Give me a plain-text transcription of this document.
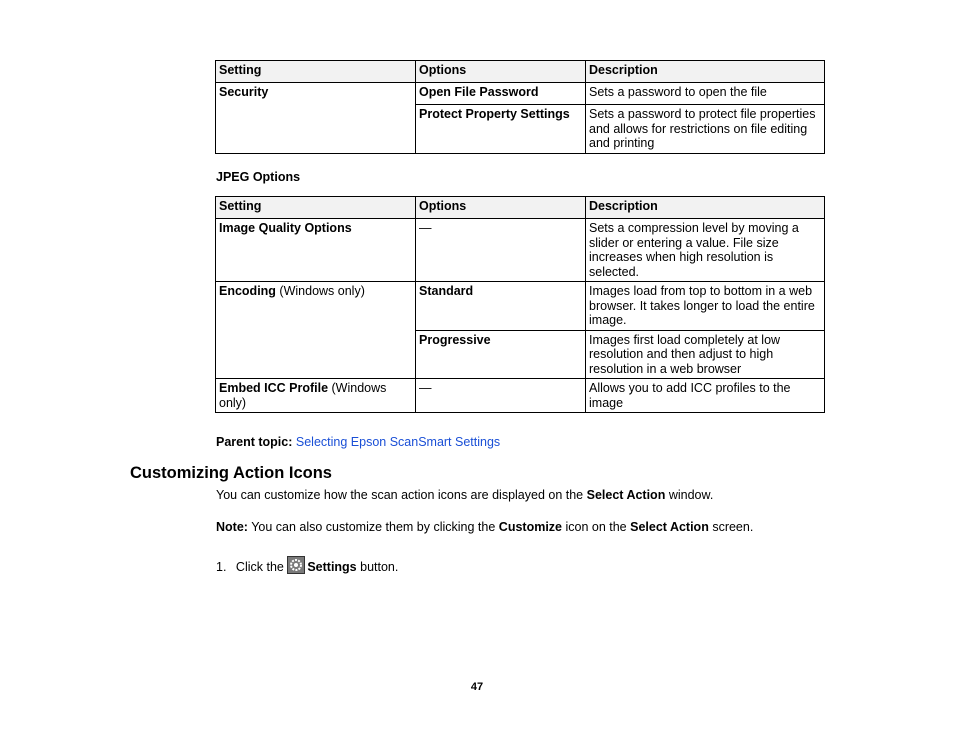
Setting	Options	Description
Security	Open File Password	Sets a password to open the file
	Protect Property Settings	Sets a password to protect file properties and allows for restrictions on file editing and printing
JPEG Options
Setting	Options	Description
Image Quality Options	—	Sets a compression level by moving a slider or entering a value. File size increases when high resolution is selected.
Encoding (Windows only)	Standard	Images load from top to bottom in a web browser. It takes longer to load the entire image.
	Progressive	Images first load completely at low resolution and then adjust to high resolution in a web browser
Embed ICC Profile (Windows only)	—	Allows you to add ICC profiles to the image
Parent topic: Selecting Epson ScanSmart Settings
Customizing Action Icons
You can customize how the scan action icons are displayed on the Select Action window.
Note: You can also customize them by clicking the Customize icon on the Select Action screen.
1. Click the
Settings button.
47
